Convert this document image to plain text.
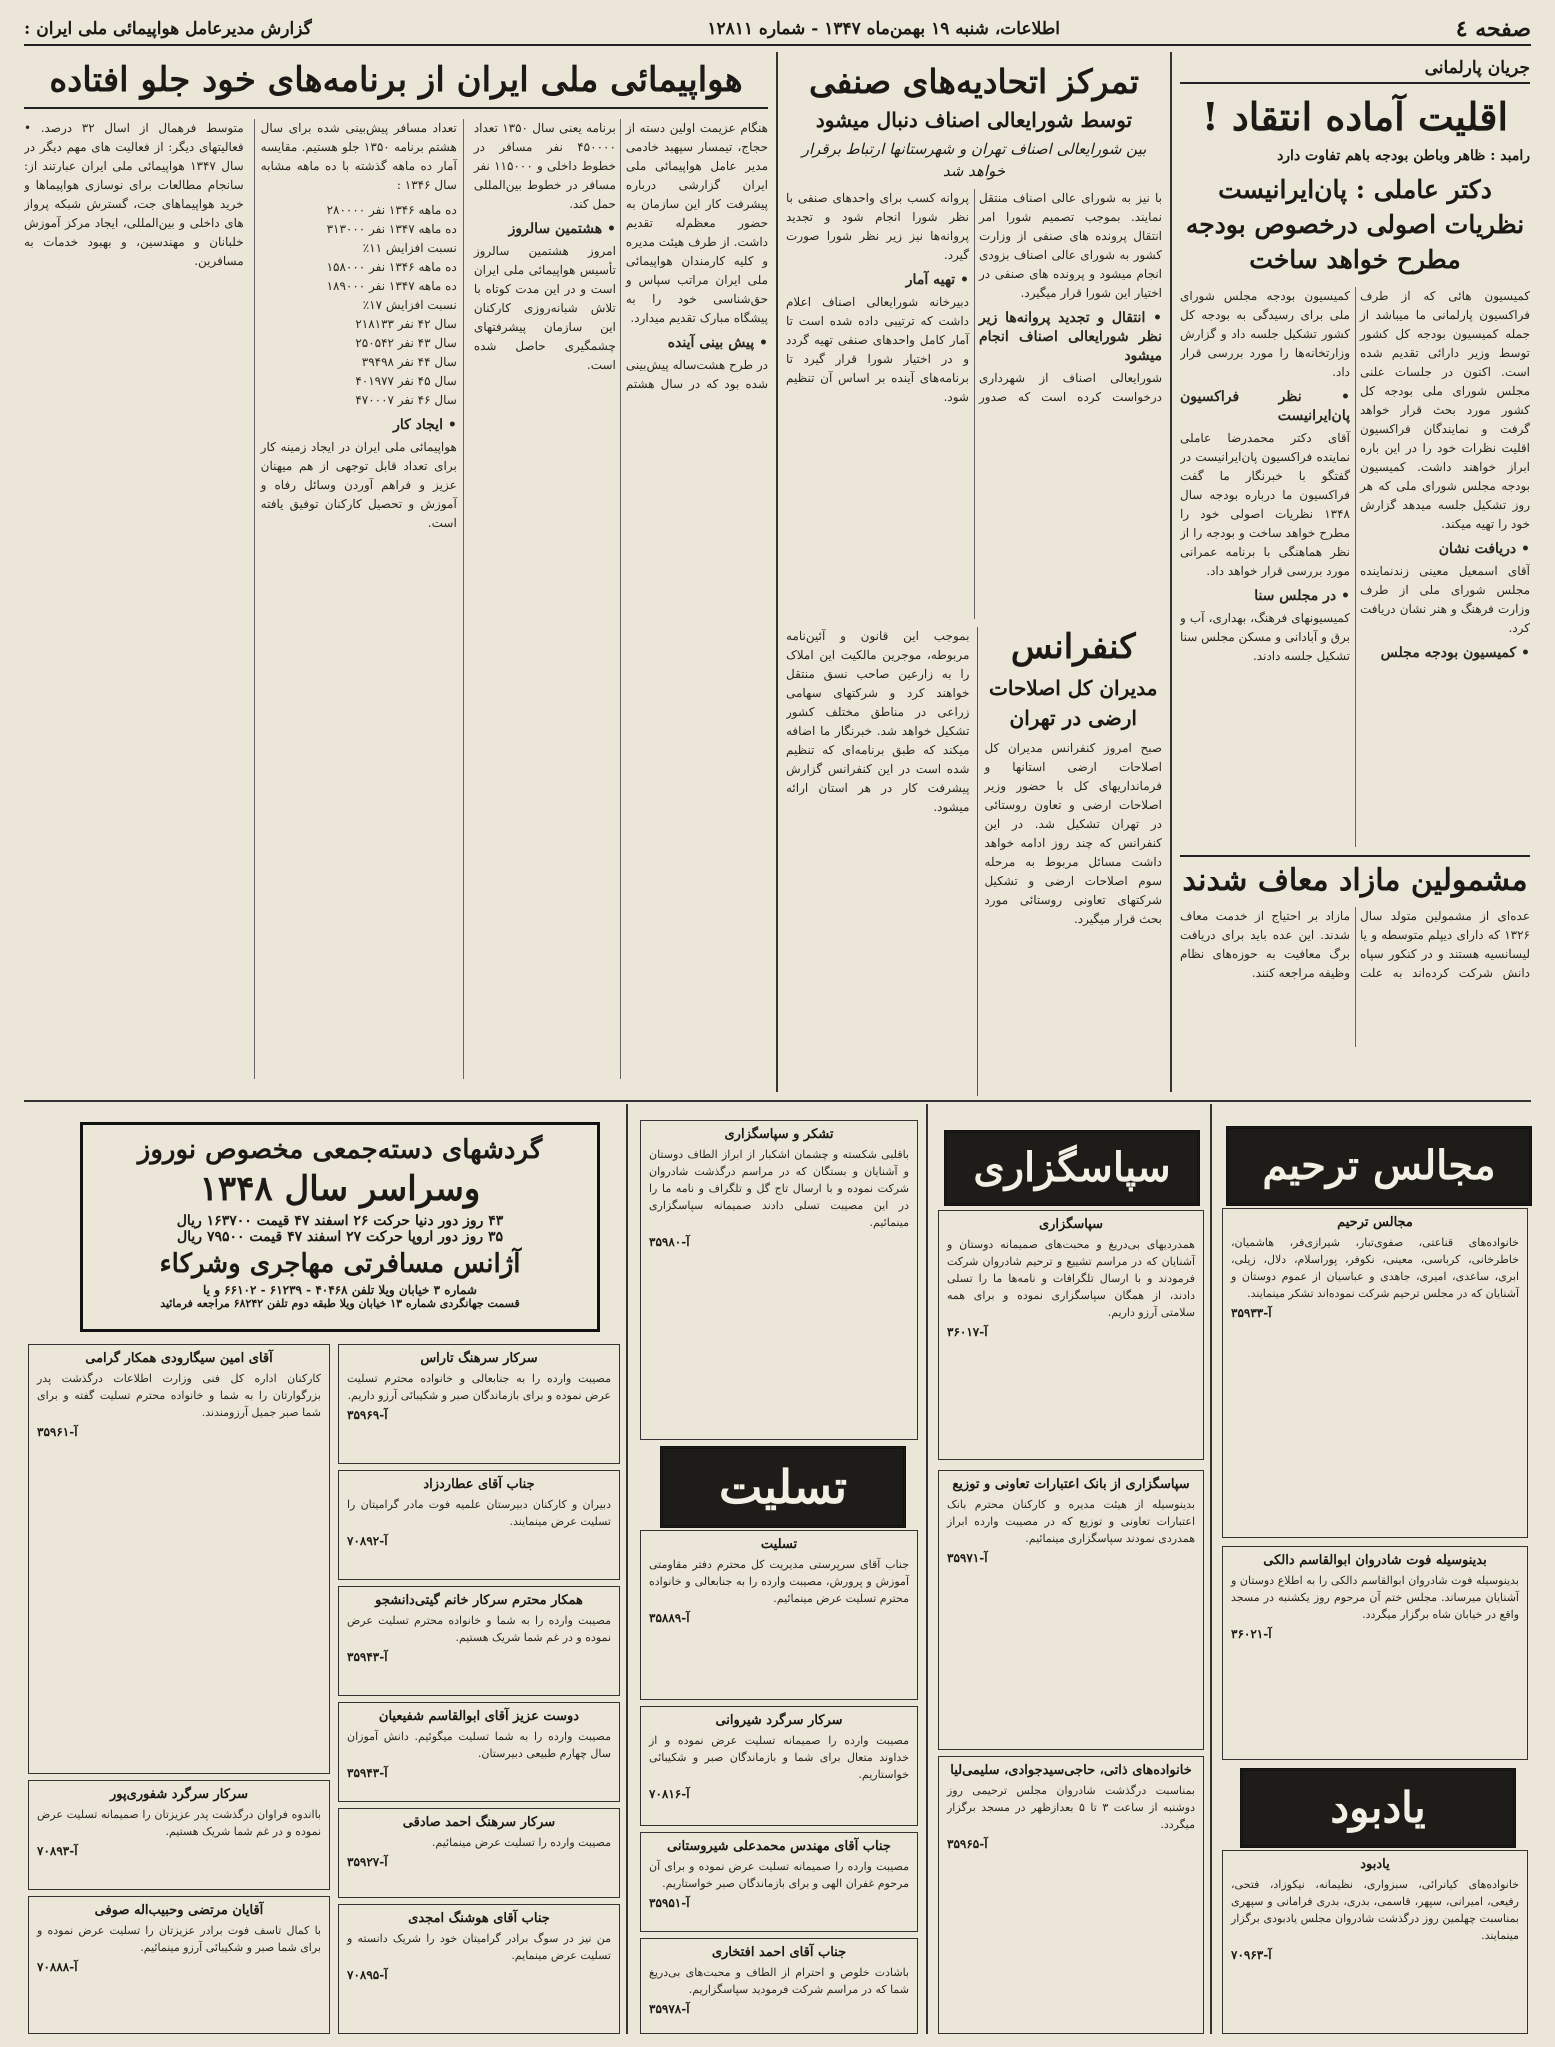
صفحه ٤
اطلاعات، شنبه ۱۹ بهمن‌ماه ۱۳۴۷ - شماره ۱۲۸۱۱
گزارش مدیرعامل هواپیمائی ملی ایران :
جریان پارلمانی
اقلیت آماده انتقاد !
رامبد : ظاهر وباطن بودجه باهم تفاوت دارد
دکتر عاملی : پان‌ایرانیست نظریات اصولی درخصوص بودجه مطرح خواهد ساخت

کمیسیون هائی که از طرف فراکسیون پارلمانی ما میباشد از جمله کمیسیون بودجه کل کشور توسط وزیر دارائی تقدیم شده است. اکنون در جلسات علنی مجلس شورای ملی بودجه کل کشور مورد بحث قرار خواهد گرفت و نمایندگان فراکسیون اقلیت نظرات خود را در این باره ابراز خواهند داشت. کمیسیون بودجه مجلس شورای ملی که هر روز تشکیل جلسه میدهد گزارش خود را تهیه میکند.

• دریافت نشان

آقای اسمعیل معینی زندنماینده مجلس شورای ملی از طرف وزارت فرهنگ و هنر نشان دریافت کرد.

• کمیسیون بودجه مجلس

کمیسیون بودجه مجلس شورای ملی برای رسیدگی به بودجه کل کشور تشکیل جلسه داد و گزارش وزارتخانه‌ها را مورد بررسی قرار داد.

• نظر فراکسیون پان‌ایرانیست

آقای دکتر محمدرضا عاملی نماینده فراکسیون پان‌ایرانیست در گفتگو با خبرنگار ما گفت فراکسیون ما درباره بودجه سال ۱۳۴۸ نظریات اصولی خود را مطرح خواهد ساخت و بودجه را از نظر هماهنگی با برنامه عمرانی مورد بررسی قرار خواهد داد.

• در مجلس سنا

کمیسیونهای فرهنگ، بهداری، آب و برق و آبادانی و مسکن مجلس سنا تشکیل جلسه دادند.

مشمولین مازاد معاف شدند

عده‌ای از مشمولین متولد سال ۱۳۲۶ که دارای دیپلم متوسطه و یا لیسانسیه هستند و در کنکور سپاه دانش شرکت کرده‌اند به علت مازاد بر احتیاج از خدمت معاف شدند. این عده باید برای دریافت برگ معافیت به حوزه‌های نظام وظیفه مراجعه کنند.

تمرکز اتحادیه‌های صنفی
توسط شورایعالی اصناف دنبال میشود
بین شورایعالی اصناف تهران و شهرستانها ارتباط برقرار خواهد شد

با نیز به شورای عالی اصناف منتقل نمایند. بموجب تصمیم شورا امر انتقال پرونده های صنفی از وزارت کشور به شورای عالی اصناف بزودی انجام میشود و پرونده های صنفی در اختیار این شورا قرار میگیرد.

• انتقال و تجدید پروانه‌ها زیر نظر شورایعالی اصناف انجام میشود

شورایعالی اصناف از شهرداری درخواست کرده است که صدور پروانه کسب برای واحدهای صنفی با نظر شورا انجام شود و تجدید پروانه‌ها نیز زیر نظر شورا صورت گیرد.

• تهیه آمار

دبیرخانه شورایعالی اصناف اعلام داشت که ترتیبی داده شده است تا آمار کامل واحدهای صنفی تهیه گردد و در اختیار شورا قرار گیرد تا برنامه‌های آینده بر اساس آن تنظیم شود.

کنفرانس
مدیران کل اصلاحات ارضی در تهران

صبح امروز کنفرانس مدیران کل اصلاحات ارضی استانها و فرمانداریهای کل با حضور وزیر اصلاحات ارضی و تعاون روستائی در تهران تشکیل شد. در این کنفرانس که چند روز ادامه خواهد داشت مسائل مربوط به مرحله سوم اصلاحات ارضی و تشکیل شرکتهای تعاونی روستائی مورد بحث قرار میگیرد.

بموجب این قانون و آئین‌نامه مربوطه، موجرین مالکیت این املاک را به زارعین صاحب نسق منتقل خواهند کرد و شرکتهای سهامی زراعی در مناطق مختلف کشور تشکیل خواهد شد. خبرنگار ما اضافه میکند که طبق برنامه‌ای که تنظیم شده است در این کنفرانس گزارش پیشرفت کار در هر استان ارائه میشود.

هواپیمائی ملی ایران از برنامه‌های خود جلو افتاده

هنگام عزیمت اولین دسته از حجاج، تیمسار سپهبد خادمی مدیر عامل هواپیمائی ملی ایران گزارشی درباره پیشرفت کار این سازمان به حضور معظم‌له تقدیم داشت. از طرف هیئت مدیره و کلیه کارمندان هواپیمائی ملی ایران مراتب سپاس و حق‌شناسی خود را به پیشگاه مبارک تقدیم میدارد.

• پیش بینی آینده

در طرح هشت‌ساله پیش‌بینی شده بود که در سال هشتم برنامه یعنی سال ۱۳۵۰ تعداد ۴۵۰۰۰۰ نفر مسافر در خطوط داخلی و ۱۱۵۰۰۰ نفر مسافر در خطوط بین‌المللی حمل کند.

• هشتمین سالروز

امروز هشتمین سالروز تأسیس هواپیمائی ملی ایران است و در این مدت کوتاه با تلاش شبانه‌روزی کارکنان این سازمان پیشرفتهای چشمگیری حاصل شده است.

تعداد مسافر پیش‌بینی شده برای سال هشتم برنامه ۱۳۵۰ جلو هستیم. مقایسه آمار ده ماهه گذشته با ده ماهه مشابه سال ۱۳۴۶ :

ده ماهه ۱۳۴۶ نفر ۲۸۰۰۰۰
ده ماهه ۱۳۴۷ نفر ۳۱۳۰۰۰
نسبت افزایش ۱۱٪
ده ماهه ۱۳۴۶ نفر ۱۵۸۰۰۰
ده ماهه ۱۳۴۷ نفر ۱۸۹۰۰۰
نسبت افزایش ۱۷٪
سال ۴۲ نفر ۲۱۸۱۳۳
سال ۴۳ نفر ۲۵۰۵۴۲
سال ۴۴ نفر ۳۹۴۹۸
سال ۴۵ نفر ۴۰۱۹۷۷
سال ۴۶ نفر ۴۷۰۰۰۷
• ایجاد کار

هواپیمائی ملی ایران در ایجاد زمینه کار برای تعداد قابل توجهی از هم میهنان عزیز و فراهم آوردن وسائل رفاه و آموزش و تحصیل کارکنان توفیق یافته است.

متوسط فرهمال از اسال ۳۲ درصد. • فعالیتهای دیگر: از فعالیت های مهم دیگر در سال ۱۳۴۷ هواپیمائی ملی ایران عبارتند از: سانجام مطالعات برای نوسازی هواپیماها و خرید هواپیماهای جت، گسترش شبکه پرواز های داخلی و بین‌المللی، ایجاد مرکز آموزش خلبانان و مهندسین، و بهبود خدمات به مسافرین.

گردشهای دسته‌جمعی مخصوص نوروز
وسراسر سال ۱۳۴۸
۴۳ روز دور دنیا حرکت ۲۶ اسفند ۴۷ قیمت ۱۶۳۷۰۰ ریال
۳۵ روز دور اروپا حرکت ۲۷ اسفند ۴۷ قیمت ۷۹۵۰۰ ریال
آژانس مسافرتی مهاجری وشرکاء
شماره ۳ خیابان ویلا تلفن ۴۰۴۶۸ - ۶۱۲۳۹ - ۶۶۱۰۲ و یا
قسمت جهانگردی شماره ۱۳ خیابان ویلا طبقه دوم تلفن ۶۸۲۴۲ مراجعه فرمائید
سپاسگزاری	مجالس ترحیم
تسلیت
یادبود
تشکر و سپاسگزاری
باقلبی شکسته و چشمان اشکبار از ابراز الطاف دوستان و آشنایان و بستگان که در مراسم درگذشت شادروان شرکت نموده و با ارسال تاج گل و تلگراف و نامه ما را در این مصیبت تسلی دادند صمیمانه سپاسگزاری مینمائیم.
آ-۳۵۹۸۰
سپاسگزاری
همدردیهای بی‌دریغ و محبت‌های صمیمانه دوستان و آشنایان که در مراسم تشییع و ترحیم شادروان شرکت فرمودند و با ارسال تلگرافات و نامه‌ها ما را تسلی دادند، از همگان سپاسگزاری نموده و برای همه سلامتی آرزو داریم.
آ-۳۶۰۱۷
مجالس ترحیم
خانواده‌های قناعتی، صفوی‌تبار، شیرازی‌فر، هاشمیان، خاطرخانی، کرباسی، معینی، نکوفر، پوراسلام، دلال، زیلی، ابری، ساعدی، امیری، جاهدی و عباسیان از عموم دوستان و آشنایان که در مجلس ترحیم شرکت نموده‌اند تشکر مینمایند.
آ-۳۵۹۳۳
سپاسگزاری از بانک اعتبارات تعاونی و توزیع
بدینوسیله از هیئت مدیره و کارکنان محترم بانک اعتبارات تعاونی و توزیع که در مصیبت وارده ابراز همدردی نمودند سپاسگزاری مینمائیم.
آ-۳۵۹۷۱
تسلیت
جناب آقای سرپرستی مدیریت کل محترم دفتر مقاومتی آموزش و پرورش، مصیبت وارده را به جنابعالی و خانواده محترم تسلیت عرض مینمائیم.
آ-۳۵۸۸۹
سرکار سرهنگ تاراس
مصیبت وارده را به جنابعالی و خانواده محترم تسلیت عرض نموده و برای بازماندگان صبر و شکیبائی آرزو داریم.
آ-۳۵۹۶۹
آقای امین سیگارودی همکار گرامی
کارکنان اداره کل فنی وزارت اطلاعات درگذشت پدر بزرگوارتان را به شما و خانواده محترم تسلیت گفته و برای شما صبر جمیل آرزومندند.
آ-۳۵۹۶۱
جناب آقای عطاردزاد
دبیران و کارکنان دبیرستان علمیه فوت مادر گرامیتان را تسلیت عرض مینمایند.
آ-۷۰۸۹۲
سرکار سرگرد شیروانی
مصیبت وارده را صمیمانه تسلیت عرض نموده و از خداوند متعال برای شما و بازماندگان صبر و شکیبائی خواستاریم.
آ-۷۰۸۱۶
بدینوسیله فوت شادروان ابوالقاسم دالکی
بدینوسیله فوت شادروان ابوالقاسم دالکی را به اطلاع دوستان و آشنایان میرساند. مجلس ختم آن مرحوم روز یکشنبه در مسجد واقع در خیابان شاه برگزار میگردد.
آ-۳۶۰۲۱
همکار محترم سرکار خانم گیتی‌دانشجو
مصیبت وارده را به شما و خانواده محترم تسلیت عرض نموده و در غم شما شریک هستیم.
آ-۳۵۹۴۳
جناب آقای مهندس محمدعلی شیروستانی
مصیبت وارده را صمیمانه تسلیت عرض نموده و برای آن مرحوم غفران الهی و برای بازماندگان صبر خواستاریم.
آ-۳۵۹۵۱
دوست عزیز آقای ابوالقاسم شفیعیان
مصیبت وارده را به شما تسلیت میگوئیم. دانش آموزان سال چهارم طبیعی دبیرستان.
آ-۳۵۹۴۳
سرکار سرگرد شفوری‌پور
بااندوه فراوان درگذشت پدر عزیزتان را صمیمانه تسلیت عرض نموده و در غم شما شریک هستیم.
آ-۷۰۸۹۳
سرکار سرهنگ احمد صادقی
مصیبت وارده را تسلیت عرض مینمائیم.
آ-۳۵۹۲۷
جناب آقای احمد افتخاری
باشادت خلوص و احترام از الطاف و محبت‌های بی‌دریغ شما که در مراسم شرکت فرمودید سپاسگزاریم.
آ-۳۵۹۷۸
آقایان مرتضی وحبیب‌اله صوفی
با کمال تاسف فوت برادر عزیزتان را تسلیت عرض نموده و برای شما صبر و شکیبائی آرزو مینمائیم.
آ-۷۰۸۸۸
جناب آقای هوشنگ امجدی
من نیز در سوگ برادر گرامیتان خود را شریک دانسته و تسلیت عرض مینمایم.
آ-۷۰۸۹۵
خانواده‌های ذاتی، حاجی‌سیدجوادی، سلیمی‌لیا
بمناسبت درگذشت شادروان مجلس ترحیمی روز دوشنبه از ساعت ۳ تا ۵ بعدازظهر در مسجد برگزار میگردد.
آ-۳۵۹۶۵
یادبود
خانواده‌های کیانرائی، سبزواری، نظیمانه، نیکوزاد، فتحی، رفیعی، امیرانی، سپهر، قاسمی، بدری، بدری فرامانی و سپهری بمناسبت چهلمین روز درگذشت شادروان مجلس یادبودی برگزار مینمایند.
آ-۷۰۹۶۳
